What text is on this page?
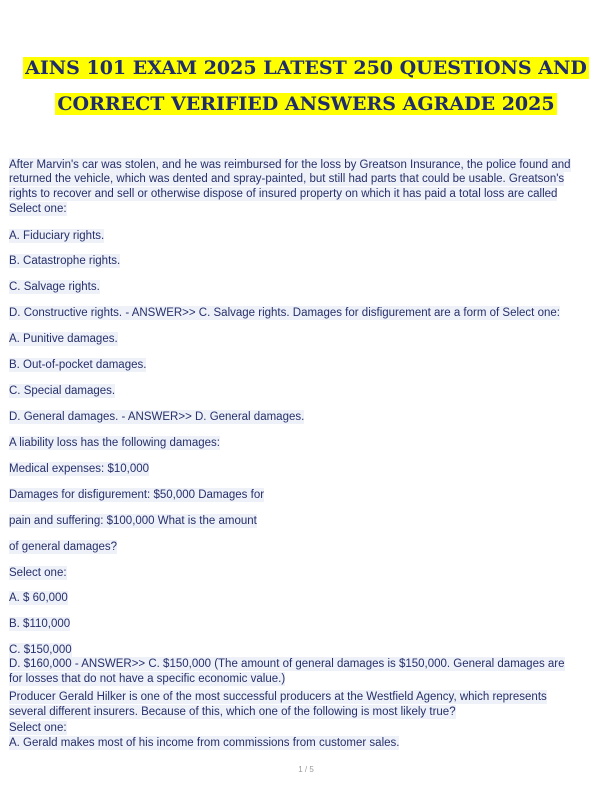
AINS 101 EXAM 2025 LATEST 250 QUESTIONS AND
CORRECT VERIFIED ANSWERS AGRADE 2025
After Marvin's car was stolen, and he was reimbursed for the loss by Greatson Insurance, the police found and
returned the vehicle, which was dented and spray-painted, but still had parts that could be usable. Greatson's
rights to recover and sell or otherwise dispose of insured property on which it has paid a total loss are called
Select one:
A. Fiduciary rights.
B. Catastrophe rights.
C. Salvage rights.
D. Constructive rights. - ANSWER>> C. Salvage rights. Damages for disfigurement are a form of Select one:
A. Punitive damages.
B. Out-of-pocket damages.
C. Special damages.
D. General damages. - ANSWER>> D. General damages.
A liability loss has the following damages:
Medical expenses: $10,000
Damages for disfigurement: $50,000 Damages for
pain and suffering: $100,000 What is the amount
of general damages?
Select one:
A. $ 60,000
B. $110,000
C. $150,000
D. $160,000 - ANSWER>> C. $150,000 (The amount of general damages is $150,000. General damages are
for losses that do not have a specific economic value.)
Producer Gerald Hilker is one of the most successful producers at the Westfield Agency, which represents
several different insurers. Because of this, which one of the following is most likely true?
Select one:
A. Gerald makes most of his income from commissions from customer sales.
1 / 5
